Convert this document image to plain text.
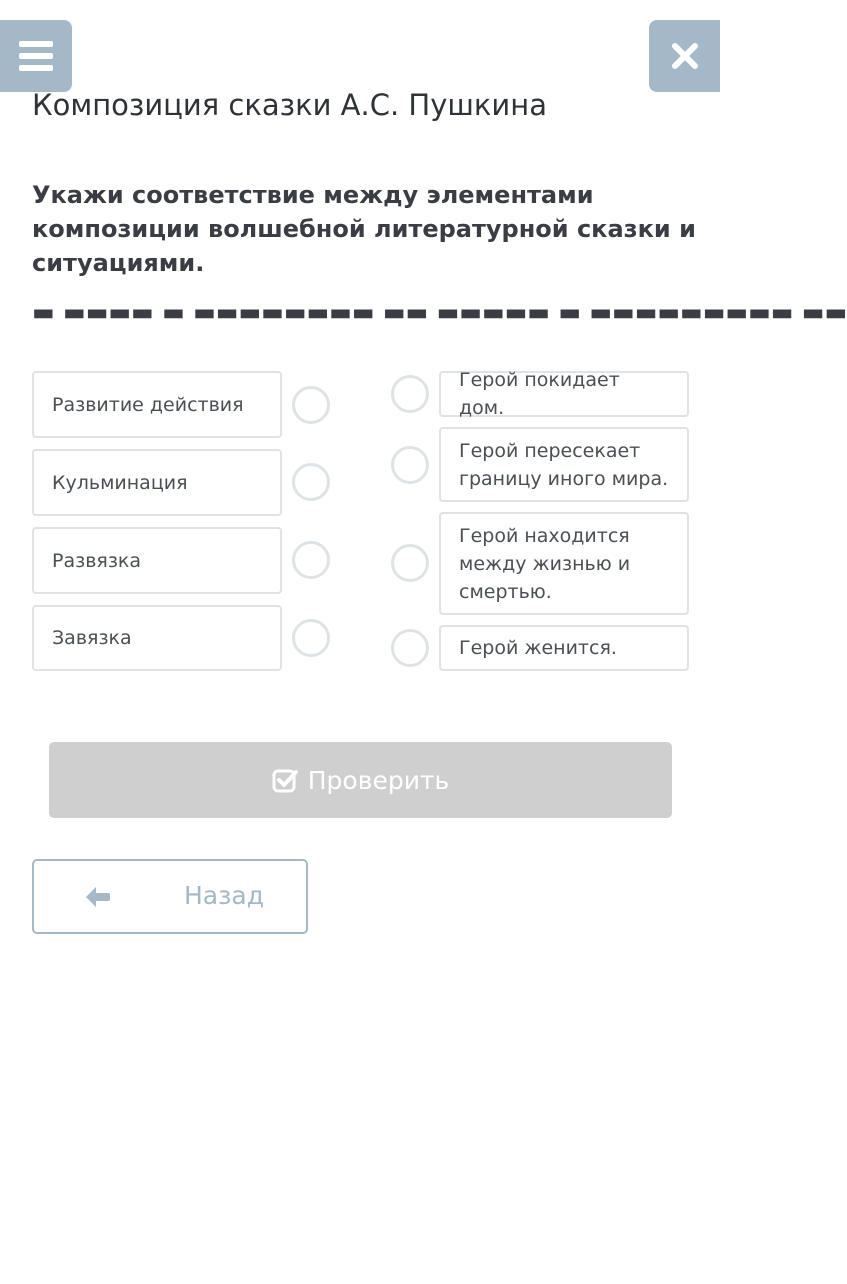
Композиция сказки А.С. Пушкина

Укажи соответствие между элементами композиции волшебной литературной сказки и ситуациями.

▬ ▬▬▬▬ ▬ ▬▬▬▬▬▬▬▬ ▬▬ ▬▬▬▬▬ ▬ ▬▬▬▬▬▬▬▬▬ ▬▬
Развитие действия
Кульминация
Развязка
Завязка
Герой покидает дом.
Герой пересекает границу иного мира.
Герой находится между жизнью и смертью.
Герой женится.
Проверить
Назад
